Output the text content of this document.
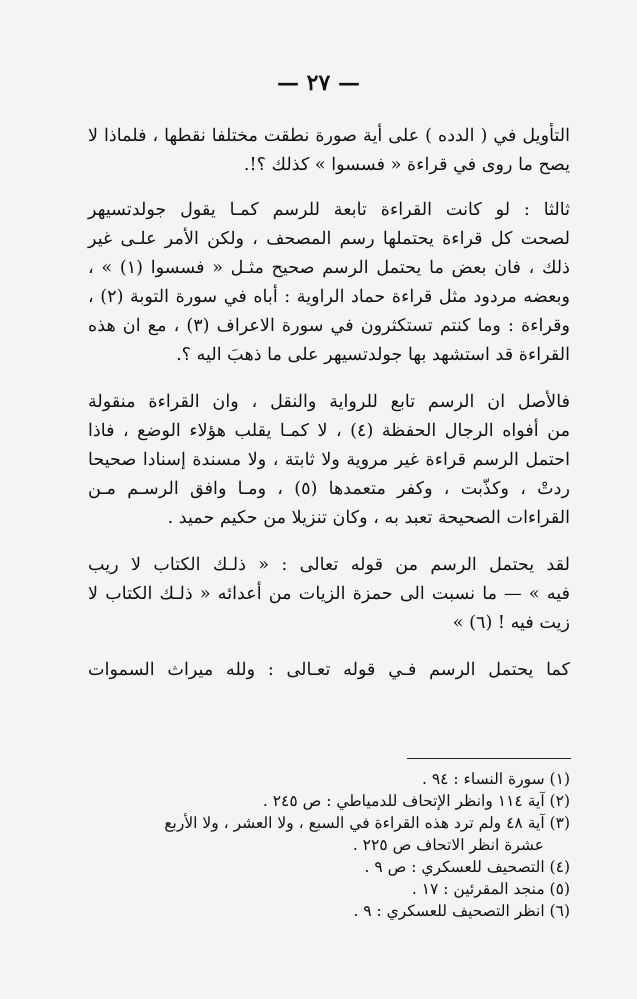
— ٢٧ —
التأويل في ( الدده ) على أية صورة نطقت مختلفا نقطها ، فلماذا لا
يصح ما روى في قراءة « فسسوا » كذلك ؟!.
ثالثا : لو كانت القراءة تابعة للرسم كمـا يقول جولدتسيهر
لصحت كل قراءة يحتملها رسم المصحف ، ولكن الأمر علـى غير
ذلك ، فان بعض ما يحتمل الرسم صحيح مثـل « فسسوا (١) » ،
وبعضه مردود مثل قراءة حماد الراوية : أباه في سورة التوبة (٢) ،
وقراءة : وما كنتم تستكثرون في سورة الاعراف (٣) ، مع ان هذه
القراءة قد استشهد بها جولدتسيهر على ما ذهبَ اليه ؟.
فالأصل ان الرسم تابع للرواية والنقل ، وان القراءة منقولة
من أفواه الرجال الحفظة (٤) ، لا كمـا يقلب هؤلاء الوضع ، فاذا
احتمل الرسم قراءة غير مروية ولا ثابتة ، ولا مسندة إسنادا صحيحا
ردتْ ، وكذّبت ، وكفر متعمدها (٥) ، ومـا وافق الرسـم مـن
القراءات الصحيحة تعبد به ، وكان تنزيلا من حكيم حميد .
لقد يحتمل الرسم من قوله تعالى : « ذلـك الكتاب لا ريب
فيه » — ما نسبت الى حمزة الزيات من أعدائه « ذلـك الكتاب لا
زيت فيه ! (٦) »
كما يحتمل الرسم فـي قوله تعـالى : ولله ميراث السموات
(١) سورة النساء : ٩٤ .
(٢) آية ١١٤ وانظر الإتحاف للدمياطي : ص ٢٤٥ .
(٣) آية ٤٨ ولم ترد هذه القراءة في السبع ، ولا العشر ، ولا الأربع
عشرة انظر الاتحاف ص ٢٢٥ .
(٤) التصحيف للعسكري : ص ٩ .
(٥) منجد المقرئين : ١٧ .
(٦) انظر التصحيف للعسكري : ٩ .
